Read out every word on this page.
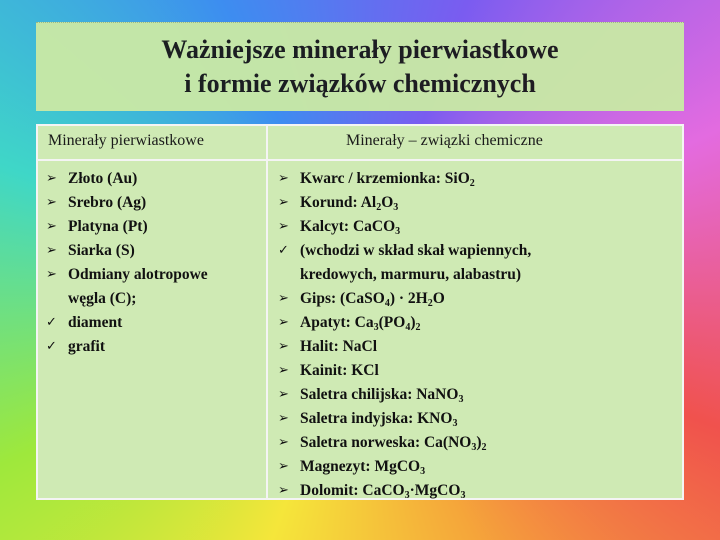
Ważniejsze minerały pierwiastkowe
i formie związków chemicznych
Minerały pierwiastkowe	Minerały – związki chemiczne
➢ Złoto (Au)
➢ Srebro (Ag)
➢ Platyna (Pt)
➢ Siarka (S)
➢ Odmiany alotropowe
węgla (C);
✓ diament
✓ grafit
➢ Kwarc / krzemionka: SiO$_2$
➢ Korund: $Al_2O_3$
➢ Kalcyt: CaCO$_3$
✓ (wchodzi w skład skał wapiennych,
kredowych, marmuru, alabastru)
➢ Gips: (CaSO$_4$) · $2H_2O$
➢ Apatyt: $Ca_3(PO_4)_2$
➢ Halit: NaCl
➢ Kainit: KCl
➢ Saletra chilijska: NaNO$_3$
➢ Saletra indyjska: $KNO_3$
➢ Saletra norweska: $Ca(NO_3)_2$
➢ Magnezyt: MgCO$_3$
➢ Dolomit: CaCO$_3$·MgCO$_3$
